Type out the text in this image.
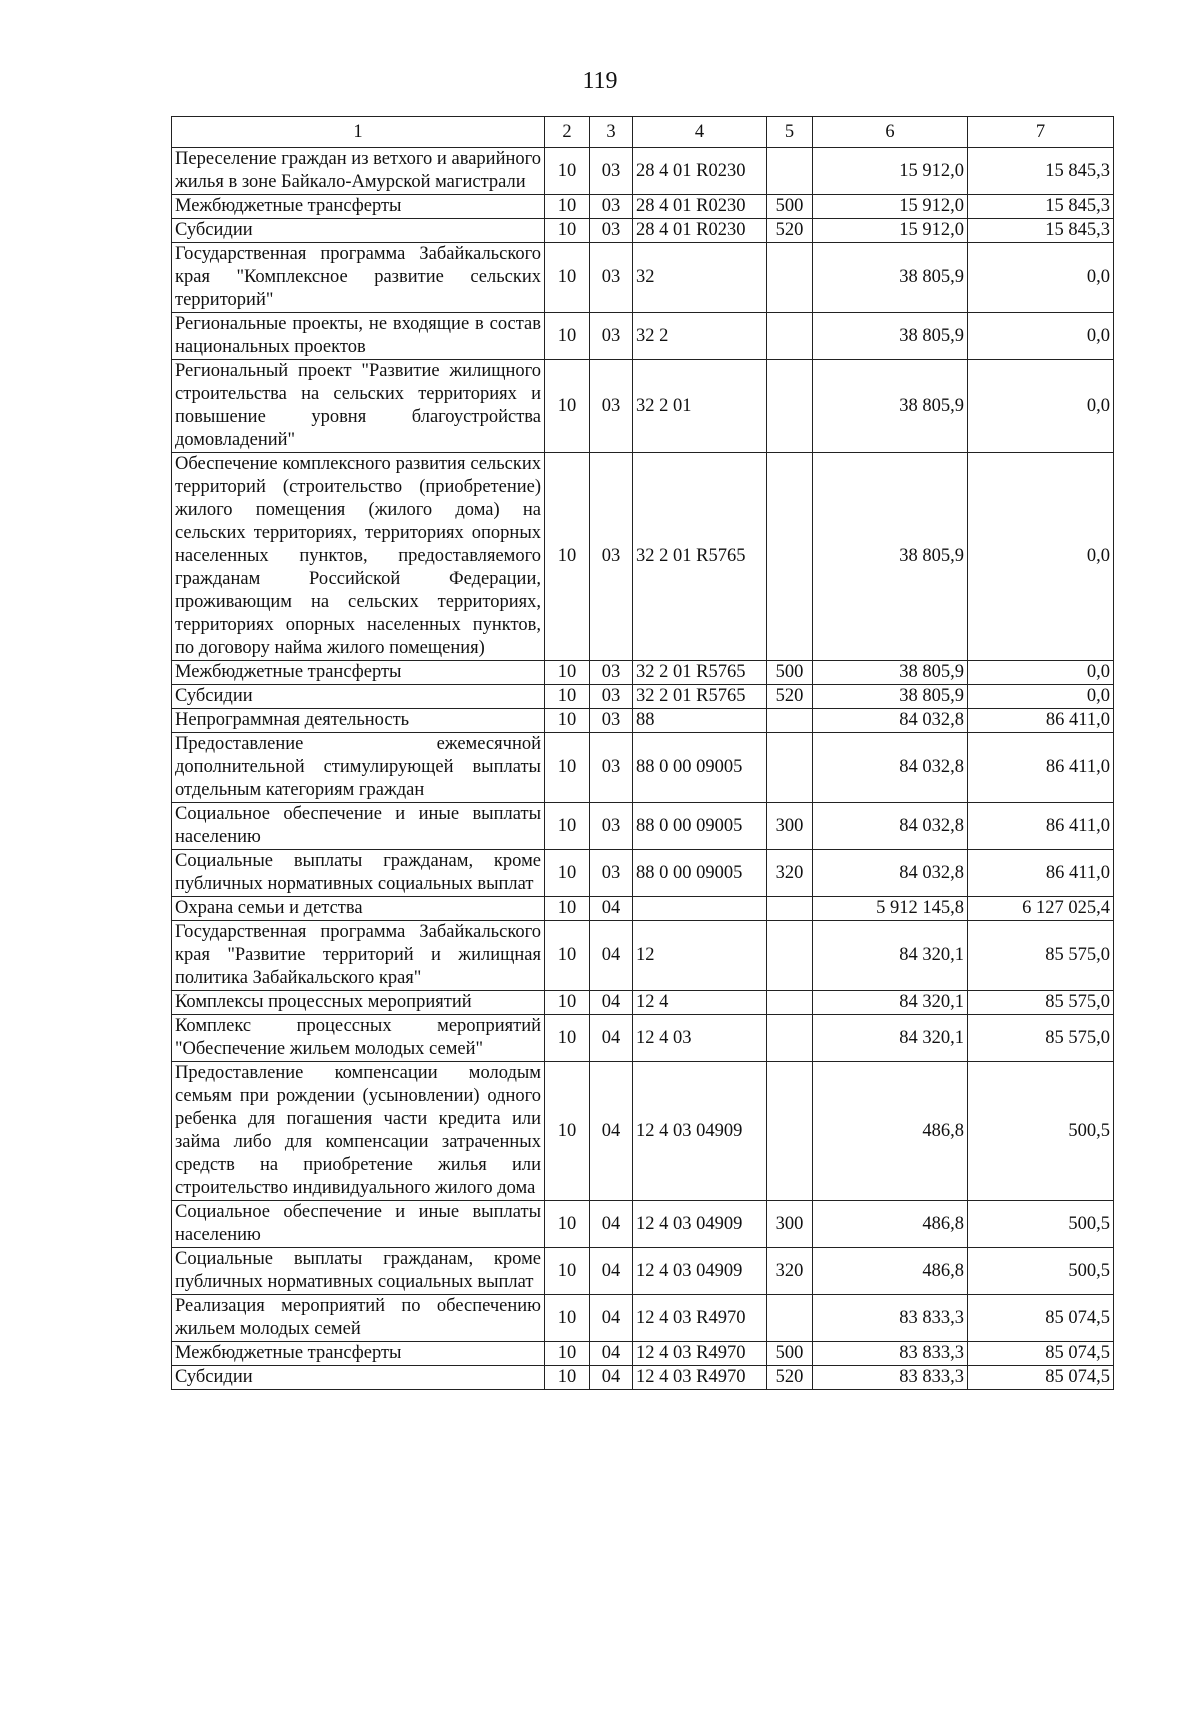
119
1	2	3	4	5	6	7
Переселение граждан из ветхого и аварийного жилья в зоне Байкало-Амурской магистрали	10	03	28 4 01 R0230		15 912,0	15 845,3
Межбюджетные трансферты	10	03	28 4 01 R0230	500	15 912,0	15 845,3
Субсидии	10	03	28 4 01 R0230	520	15 912,0	15 845,3
Государственная программа Забайкальского края "Комплексное развитие сельских территорий"	10	03	32		38 805,9	0,0
Региональные проекты, не входящие в состав национальных проектов	10	03	32 2		38 805,9	0,0
Региональный проект "Развитие жилищного строительства на сельских территориях и повышение уровня благоустройства домовладений"	10	03	32 2 01		38 805,9	0,0
Обеспечение комплексного развития сельских территорий (строительство (приобретение) жилого помещения (жилого дома) на сельских территориях, территориях опорных населенных пунктов, предоставляемого гражданам Российской Федерации, проживающим на сельских территориях, территориях опорных населенных пунктов, по договору найма жилого помещения)	10	03	32 2 01 R5765		38 805,9	0,0
Межбюджетные трансферты	10	03	32 2 01 R5765	500	38 805,9	0,0
Субсидии	10	03	32 2 01 R5765	520	38 805,9	0,0
Непрограммная деятельность	10	03	88		84 032,8	86 411,0
Предоставление ежемесячной дополнительной стимулирующей выплаты отдельным категориям граждан	10	03	88 0 00 09005		84 032,8	86 411,0
Социальное обеспечение и иные выплаты населению	10	03	88 0 00 09005	300	84 032,8	86 411,0
Социальные выплаты гражданам, кроме публичных нормативных социальных выплат	10	03	88 0 00 09005	320	84 032,8	86 411,0
Охрана семьи и детства	10	04			5 912 145,8	6 127 025,4
Государственная программа Забайкальского края "Развитие территорий и жилищная политика Забайкальского края"	10	04	12		84 320,1	85 575,0
Комплексы процессных мероприятий	10	04	12 4		84 320,1	85 575,0
Комплекс процессных мероприятий "Обеспечение жильем молодых семей"	10	04	12 4 03		84 320,1	85 575,0
Предоставление компенсации молодым семьям при рождении (усыновлении) одного ребенка для погашения части кредита или займа либо для компенсации затраченных средств на приобретение жилья или строительство индивидуального жилого дома	10	04	12 4 03 04909		486,8	500,5
Социальное обеспечение и иные выплаты населению	10	04	12 4 03 04909	300	486,8	500,5
Социальные выплаты гражданам, кроме публичных нормативных социальных выплат	10	04	12 4 03 04909	320	486,8	500,5
Реализация мероприятий по обеспечению жильем молодых семей	10	04	12 4 03 R4970		83 833,3	85 074,5
Межбюджетные трансферты	10	04	12 4 03 R4970	500	83 833,3	85 074,5
Субсидии	10	04	12 4 03 R4970	520	83 833,3	85 074,5
